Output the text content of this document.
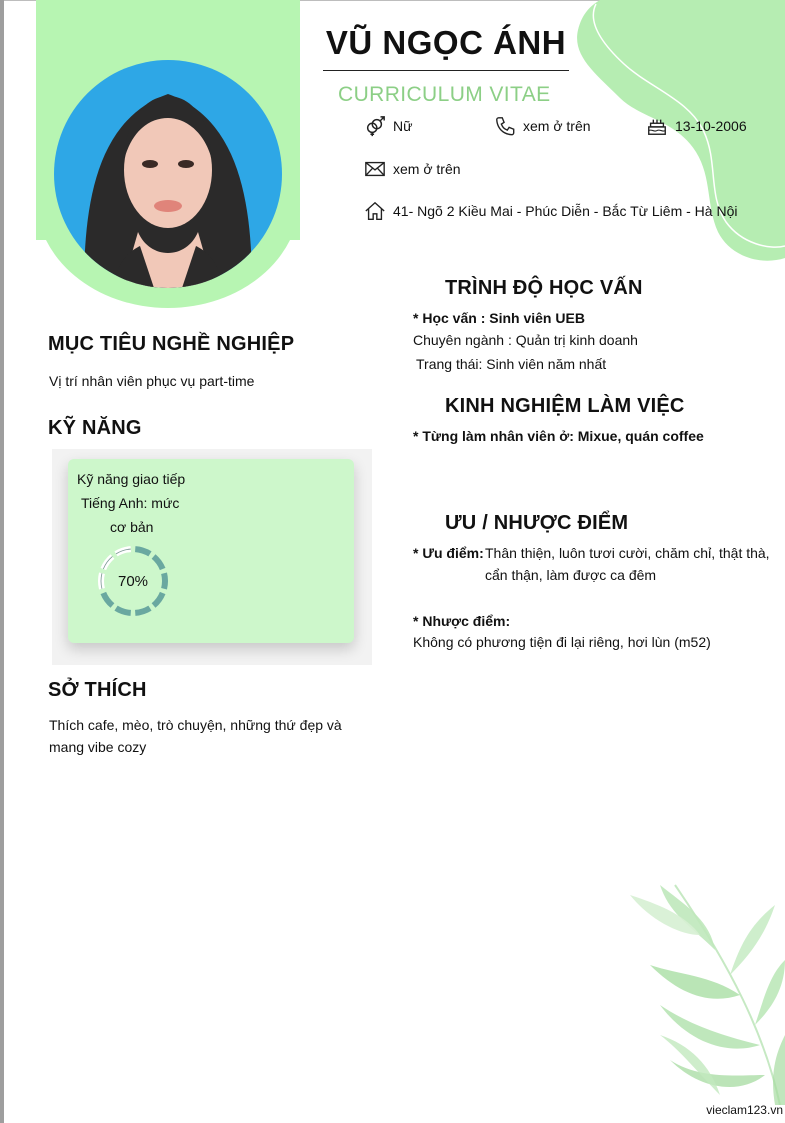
VŨ NGỌC ÁNH
CURRICULUM VITAE
Nữ	xem ở trên	13-10-2006
xem ở trên
41- Ngõ 2 Kiều Mai - Phúc Diễn - Bắc Từ Liêm - Hà Nội
MỤC TIÊU NGHỀ NGHIỆP
Vị trí nhân viên phục vụ part-time
KỸ NĂNG
Kỹ năng giao tiếp
Tiếng Anh: mức
cơ bản
70%
SỞ THÍCH
Thích cafe, mèo, trò chuyện, những thứ đẹp và
mang vibe cozy
TRÌNH ĐỘ HỌC VẤN
* Học vấn : Sinh viên UEB
Chuyên ngành : Quản trị kinh doanh
Trang thái: Sinh viên năm nhất
KINH NGHIỆM LÀM VIỆC
* Từng làm nhân viên ở: Mixue, quán coffee
ƯU / NHƯỢC ĐIỂM
* Ưu điểm: Thân thiện, luôn tươi cười, chăm chỉ, thật thà,
cẩn thận, làm được ca đêm
* Nhược điểm:
Không có phương tiện đi lại riêng, hơi lùn (m52)
vieclam123.vn
